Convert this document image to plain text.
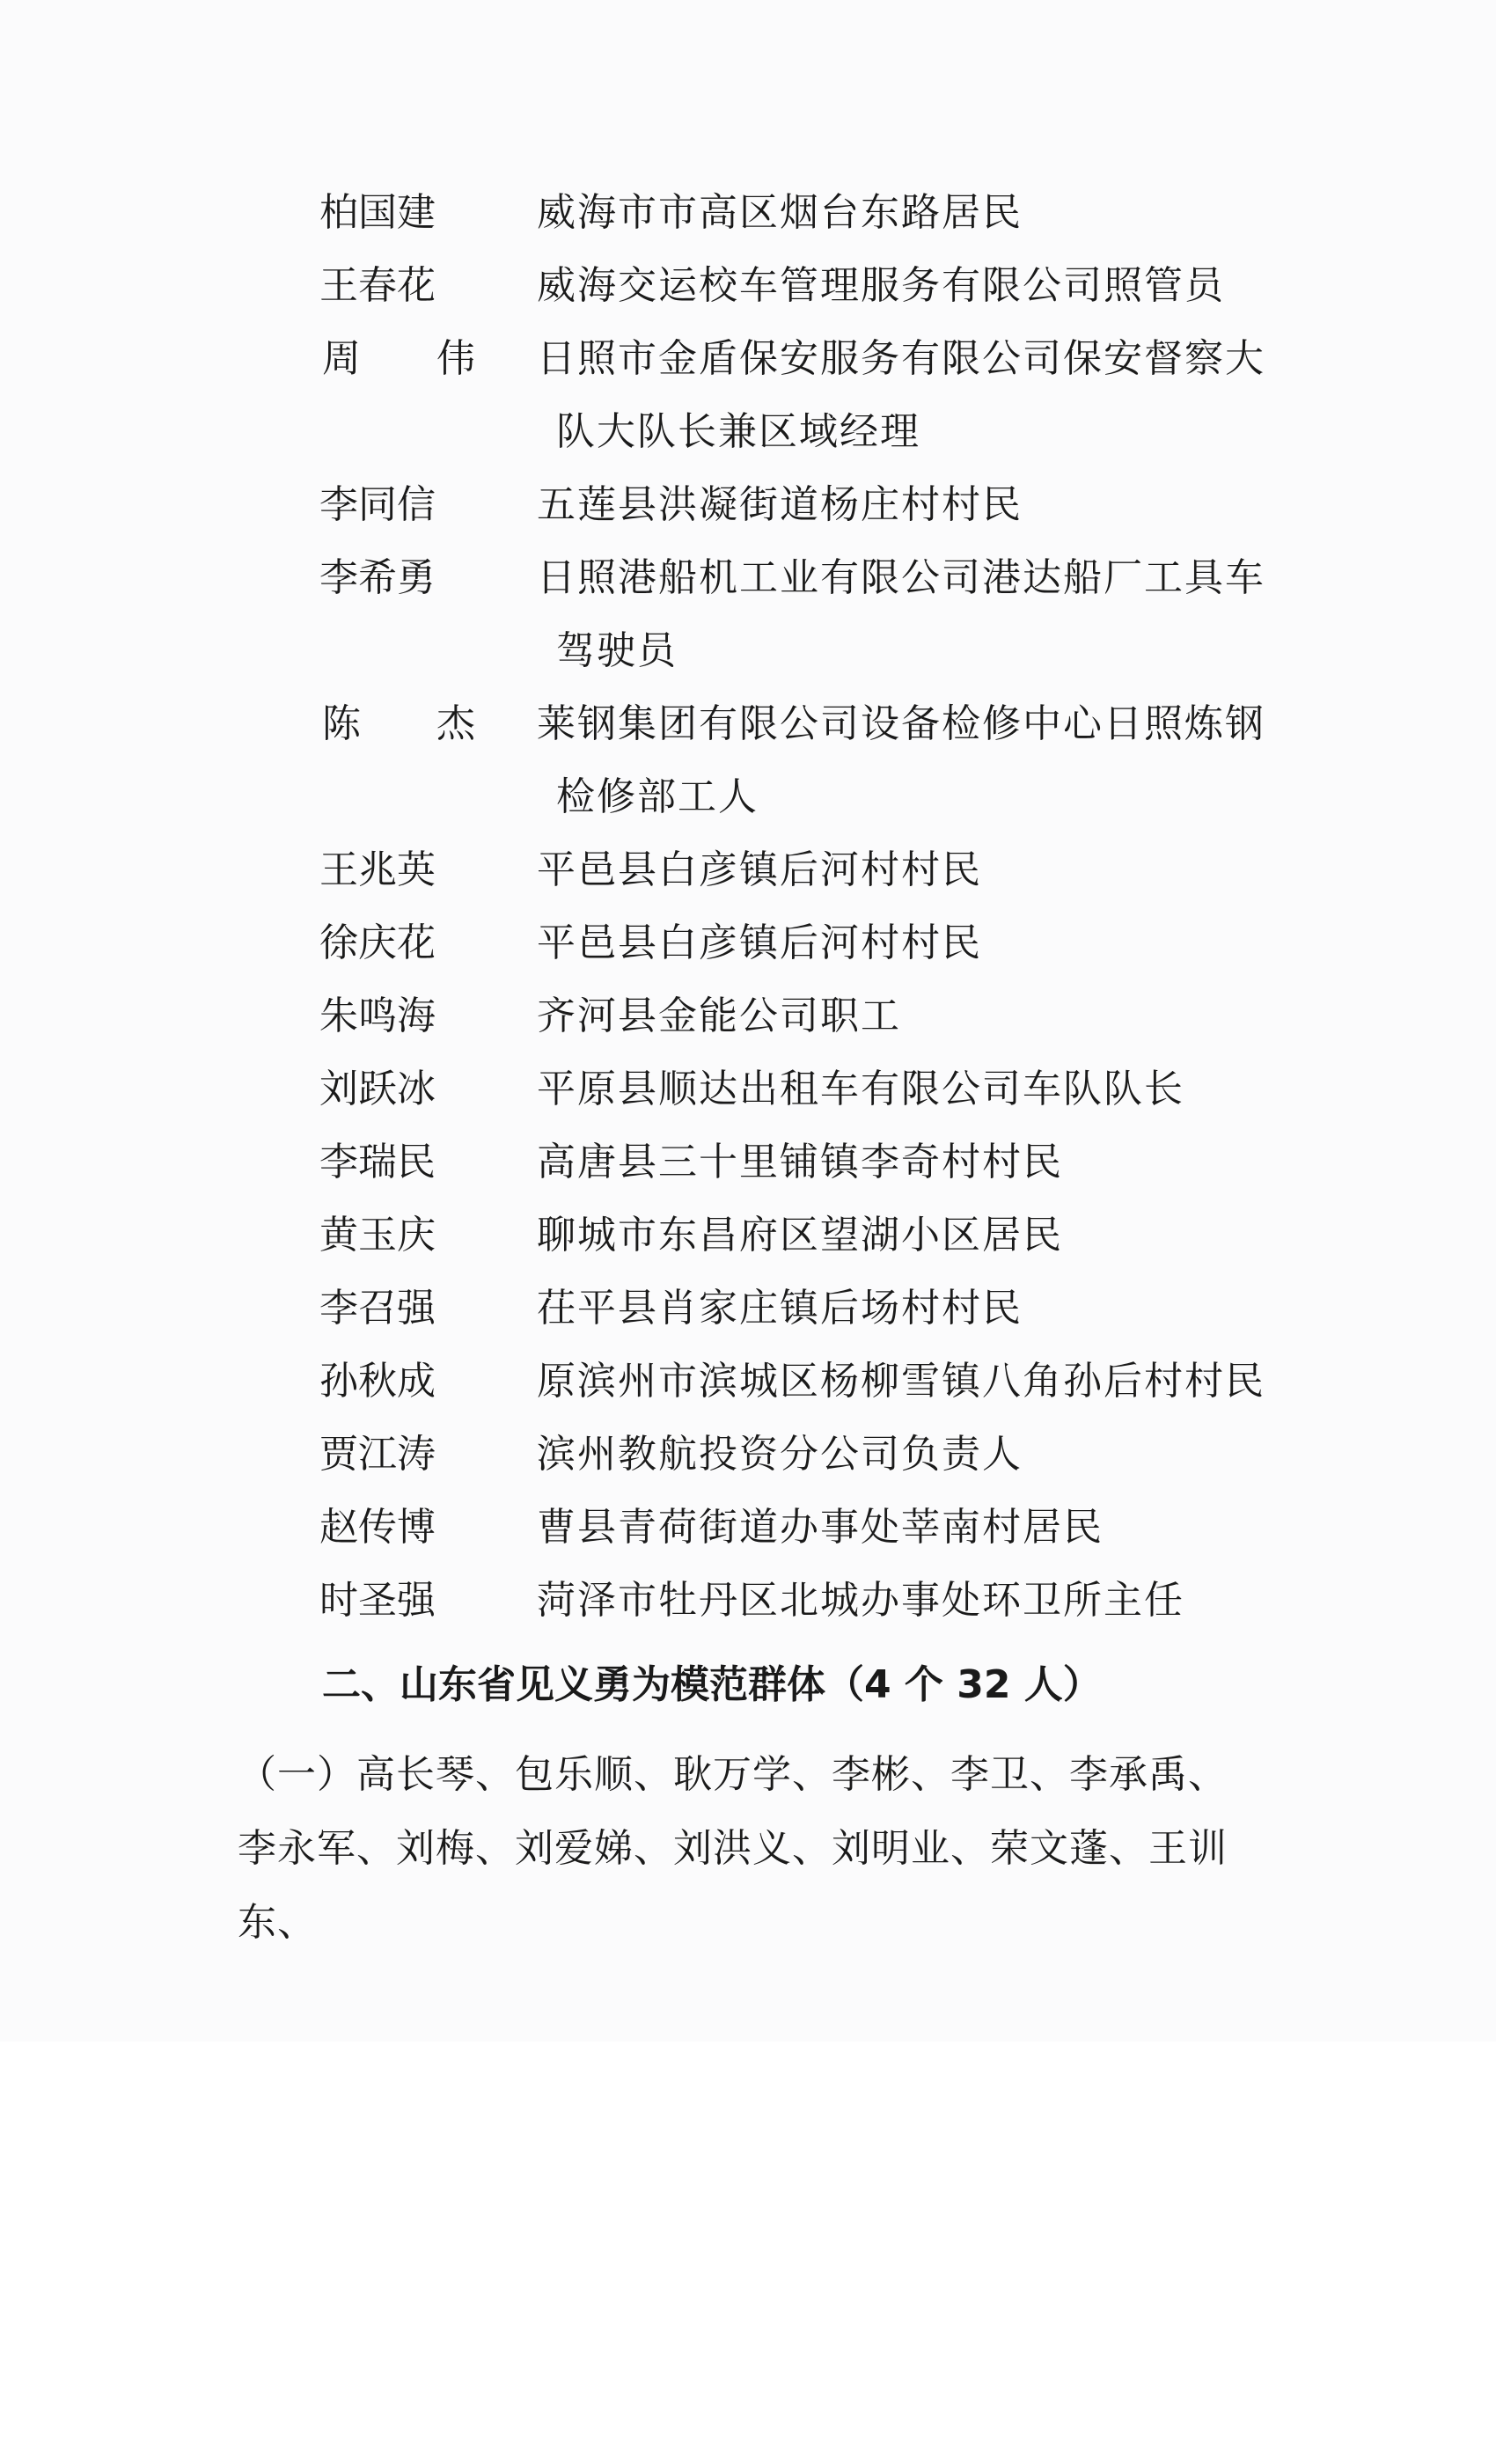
柏国建	威海市市高区烟台东路居民
王春花	威海交运校车管理服务有限公司照管员
周 伟 日照市金盾保安服务有限公司保安督察大
队大队长兼区域经理
李同信	五莲县洪凝街道杨庄村村民
李希勇	日照港船机工业有限公司港达船厂工具车
驾驶员
陈 杰 莱钢集团有限公司设备检修中心日照炼钢
检修部工人
王兆英	平邑县白彦镇后河村村民
徐庆花	平邑县白彦镇后河村村民
朱鸣海	齐河县金能公司职工
刘跃冰	平原县顺达出租车有限公司车队队长
李瑞民	高唐县三十里铺镇李奇村村民
黄玉庆	聊城市东昌府区望湖小区居民
李召强	茌平县肖家庄镇后场村村民
孙秋成	原滨州市滨城区杨柳雪镇八角孙后村村民
贾江涛	滨州教航投资分公司负责人
赵传博	曹县青荷街道办事处莘南村居民
时圣强	菏泽市牡丹区北城办事处环卫所主任
二、山东省见义勇为模范群体（4 个 32 人）
（一）高长琴、包乐顺、耿万学、李彬、李卫、李承禹、
李永军、刘梅、刘爱娣、刘洪义、刘明业、荣文蓬、王训东、
